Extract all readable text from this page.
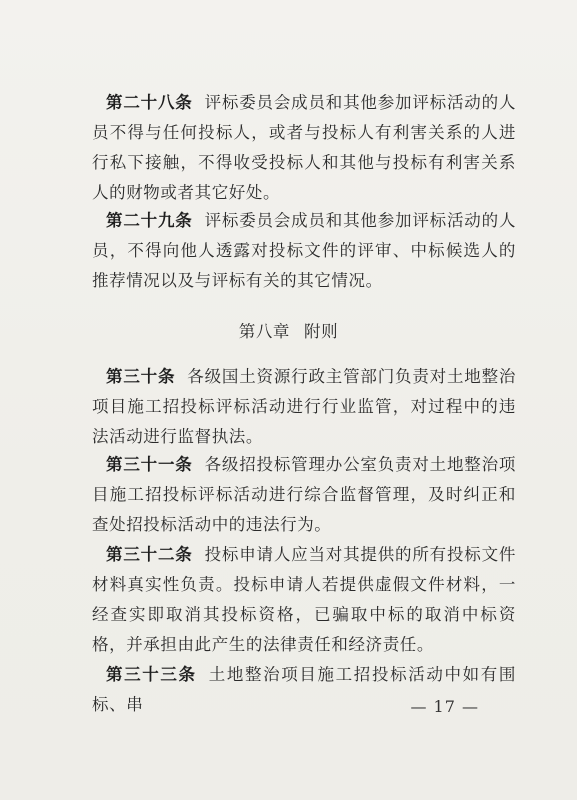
第二十八条 评标委员会成员和其他参加评标活动的人员不得与任何投标人，或者与投标人有利害关系的人进行私下接触，不得收受投标人和其他与投标有利害关系人的财物或者其它好处。
第二十九条 评标委员会成员和其他参加评标活动的人员，不得向他人透露对投标文件的评审、中标候选人的推荐情况以及与评标有关的其它情况。
第八章 附则
第三十条 各级国土资源行政主管部门负责对土地整治项目施工招投标评标活动进行行业监管，对过程中的违法活动进行监督执法。
第三十一条 各级招投标管理办公室负责对土地整治项目施工招投标评标活动进行综合监督管理，及时纠正和查处招投标活动中的违法行为。
第三十二条 投标申请人应当对其提供的所有投标文件材料真实性负责。投标申请人若提供虚假文件材料，一经查实即取消其投标资格，已骗取中标的取消中标资格，并承担由此产生的法律责任和经济责任。
第三十三条 土地整治项目施工招投标活动中如有围标、串	— 17 —
